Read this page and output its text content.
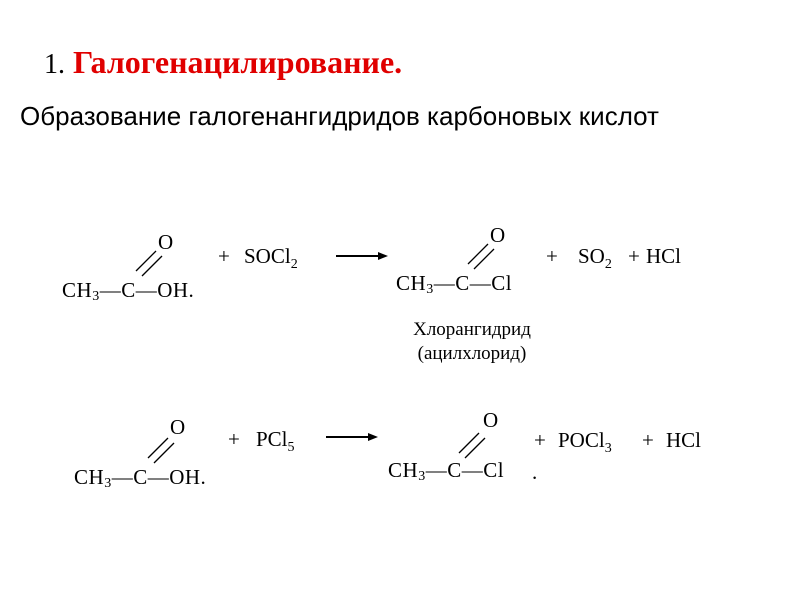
1. Галогенацилирование.
Образование галогенангидридов карбоновых кислот
O
CH3—C—OH.
+ SOCl$_2$
O
CH3—C—Cl
+ $SO_2$ + HCl
Хлорангидрид
(ацилхлорид)
O
CH3—C—OH.
+ PCl$_5$
O
CH3—C—Cl .
+ POCl$_3$ + HCl
